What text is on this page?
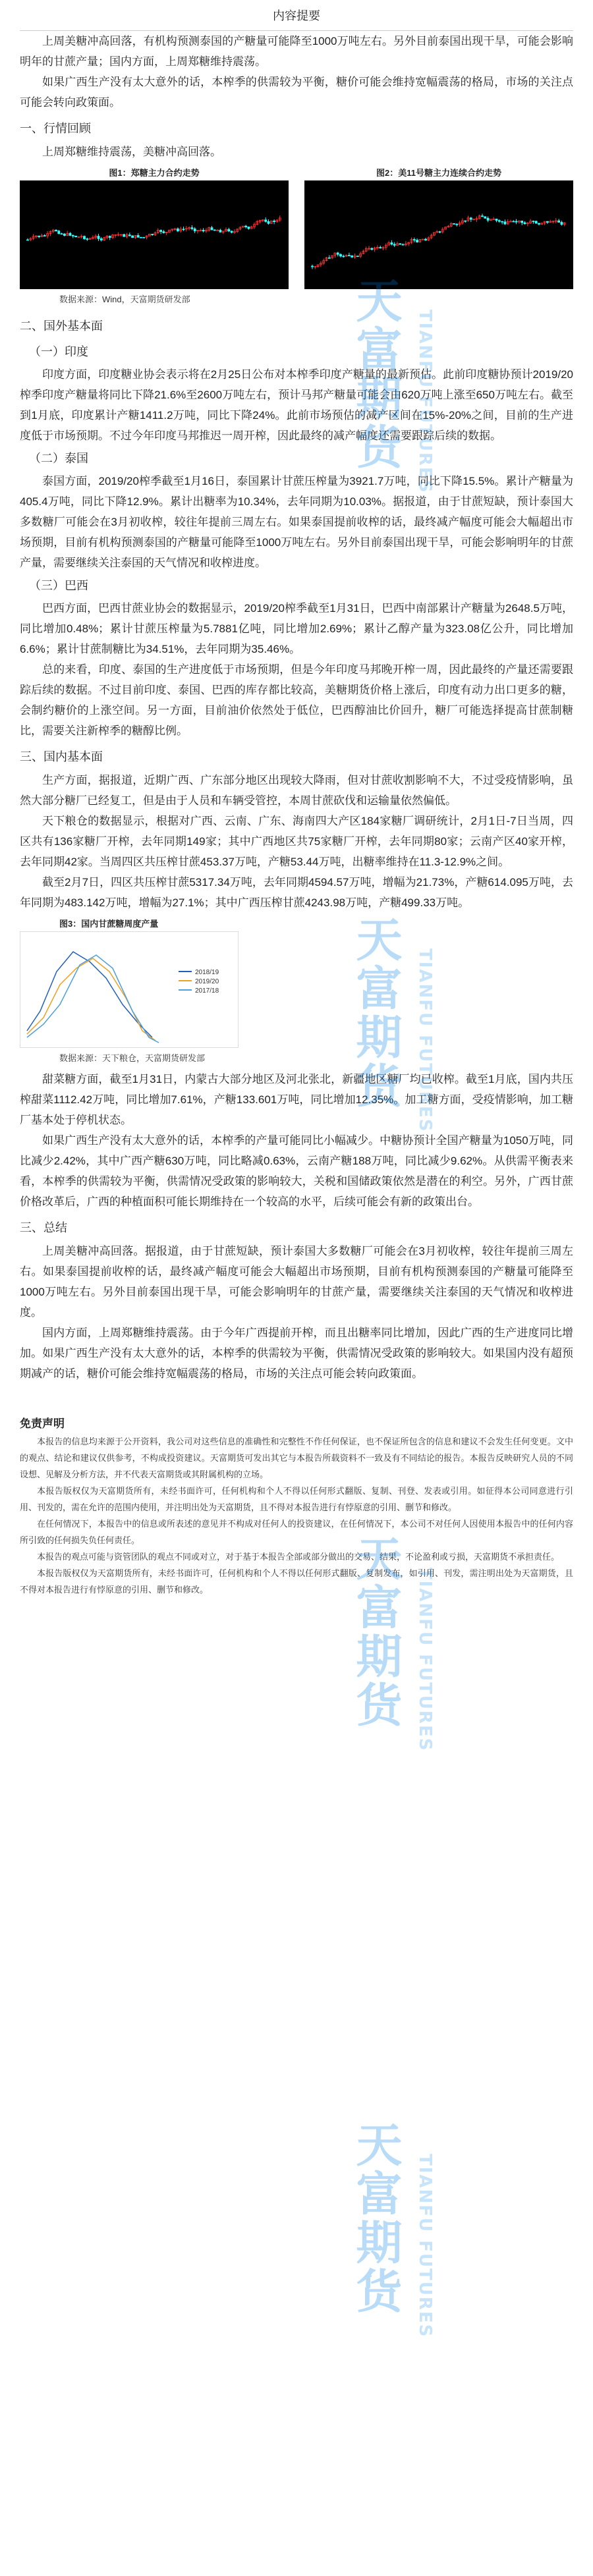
内容提要

上周美糖冲高回落，有机构预测泰国的产糖量可能降至1000万吨左右。另外目前泰国出现干旱，可能会影响明年的甘蔗产量；国内方面，上周郑糖维持震荡。

如果广西生产没有太大意外的话，本榨季的供需较为平衡，糖价可能会维持宽幅震荡的格局，市场的关注点可能会转向政策面。

一、行情回顾

上周郑糖维持震荡，美糖冲高回落。

图1：郑糖主力合约走势	图2：美11号糖主力连续合约走势
数据来源：Wind，天富期货研发部
二、国外基本面
（一）印度

印度方面，印度糖业协会表示将在2月25日公布对本榨季印度产糖量的最新预估。此前印度糖协预计2019/20榨季印度产糖量将同比下降21.6%至2600万吨左右，预计马邦产糖量可能会由620万吨上涨至650万吨左右。截至到1月底，印度累计产糖1411.2万吨，同比下降24%。此前市场预估的减产区间在15%-20%之间，目前的生产进度低于市场预期。不过今年印度马邦推迟一周开榨，因此最终的减产幅度还需要跟踪后续的数据。

（二）泰国

泰国方面，2019/20榨季截至1月16日，泰国累计甘蔗压榨量为3921.7万吨，同比下降15.5%。累计产糖量为405.4万吨，同比下降12.9%。累计出糖率为10.34%，去年同期为10.03%。据报道，由于甘蔗短缺，预计泰国大多数糖厂可能会在3月初收榨，较往年提前三周左右。如果泰国提前收榨的话，最终减产幅度可能会大幅超出市场预期，目前有机构预测泰国的产糖量可能降至1000万吨左右。另外目前泰国出现干旱，可能会影响明年的甘蔗产量，需要继续关注泰国的天气情况和收榨进度。

（三）巴西

巴西方面，巴西甘蔗业协会的数据显示，2019/20榨季截至1月31日，巴西中南部累计产糖量为2648.5万吨，同比增加0.48%；累计甘蔗压榨量为5.7881亿吨，同比增加2.69%；累计乙醇产量为323.08亿公升，同比增加6.6%；累计甘蔗制糖比为34.51%，去年同期为35.46%。

总的来看，印度、泰国的生产进度低于市场预期，但是今年印度马邦晚开榨一周，因此最终的产量还需要跟踪后续的数据。不过目前印度、泰国、巴西的库存都比较高，美糖期货价格上涨后，印度有动力出口更多的糖，会制约糖价的上涨空间。另一方面，目前油价依然处于低位，巴西醇油比价回升，糖厂可能选择提高甘蔗制糖比，需要关注新榨季的糖醇比例。

三、国内基本面

生产方面，据报道，近期广西、广东部分地区出现较大降雨，但对甘蔗收割影响不大，不过受疫情影响，虽然大部分糖厂已经复工，但是由于人员和车辆受管控，本周甘蔗砍伐和运输量依然偏低。

天下粮仓的数据显示，根据对广西、云南、广东、海南四大产区184家糖厂调研统计，2月1日-7日当周，四区共有136家糖厂开榨，去年同期149家；其中广西地区共75家糖厂开榨，去年同期80家；云南产区40家开榨，去年同期42家。当周四区共压榨甘蔗453.37万吨，产糖53.44万吨，出糖率维持在11.3-12.9%之间。

截至2月7日，四区共压榨甘蔗5317.34万吨，去年同期4594.57万吨，增幅为21.73%，产糖614.095万吨，去年同期为483.142万吨，增幅为27.1%；其中广西压榨甘蔗4243.98万吨，产糖499.33万吨。

图3：国内甘蔗糖周度产量
2018/19
2019/20
2017/18
数据来源：天下粮仓，天富期货研发部

甜菜糖方面，截至1月31日，内蒙古大部分地区及河北张北，新疆地区糖厂均已收榨。截至1月底，国内共压榨甜菜1112.42万吨，同比增加7.61%，产糖133.601万吨，同比增加12.35%。加工糖方面，受疫情影响，加工糖厂基本处于停机状态。

如果广西生产没有太大意外的话，本榨季的产量可能同比小幅减少。中糖协预计全国产糖量为1050万吨，同比减少2.42%，其中广西产糖630万吨，同比略减0.63%，云南产糖188万吨，同比减少9.62%。从供需平衡表来看，本榨季的供需较为平衡，供需情况受政策的影响较大，关税和国储政策依然是潜在的利空。另外，广西甘蔗价格改革后，广西的种植面积可能长期维持在一个较高的水平，后续可能会有新的政策出台。

三、总结

上周美糖冲高回落。据报道，由于甘蔗短缺，预计泰国大多数糖厂可能会在3月初收榨，较往年提前三周左右。如果泰国提前收榨的话，最终减产幅度可能会大幅超出市场预期，目前有机构预测泰国的产糖量可能降至1000万吨左右。另外目前泰国出现干旱，可能会影响明年的甘蔗产量，需要继续关注泰国的天气情况和收榨进度。

国内方面，上周郑糖维持震荡。由于今年广西提前开榨，而且出糖率同比增加，因此广西的生产进度同比增加。如果广西生产没有太大意外的话，本榨季的供需较为平衡，供需情况受政策的影响较大。如果国内没有超预期减产的话，糖价可能会维持宽幅震荡的格局，市场的关注点可能会转向政策面。

免责声明
本报告的信息均来源于公开资料，我公司对这些信息的准确性和完整性不作任何保证，也不保证所包含的信息和建议不会发生任何变更。文中的观点、结论和建议仅供参考，不构成投资建议。天富期货可发出其它与本报告所载资料不一致及有不同结论的报告。本报告反映研究人员的不同设想、见解及分析方法，并不代表天富期货或其附属机构的立场。
本报告版权仅为天富期货所有，未经书面许可，任何机构和个人不得以任何形式翻版、复制、刊登、发表或引用。如征得本公司同意进行引用、刊发的，需在允许的范围内使用，并注明出处为天富期货，且不得对本报告进行有悖原意的引用、删节和修改。
在任何情况下，本报告中的信息或所表述的意见并不构成对任何人的投资建议，在任何情况下，本公司不对任何人因使用本报告中的任何内容所引致的任何损失负任何责任。
本报告的观点可能与资管团队的观点不同或对立，对于基于本报告全部或部分做出的交易、结果，不论盈利或亏损，天富期货不承担责任。
本报告版权仅为天富期货所有，未经书面许可，任何机构和个人不得以任何形式翻版、复制发布，如引用、刊发，需注明出处为天富期货，且不得对本报告进行有悖原意的引用、删节和修改。
天富期货 TIANFU FUTURES
天富期货 TIANFU FUTURES
天富期货 TIANFU FUTURES
天富期货 TIANFU FUTURES
